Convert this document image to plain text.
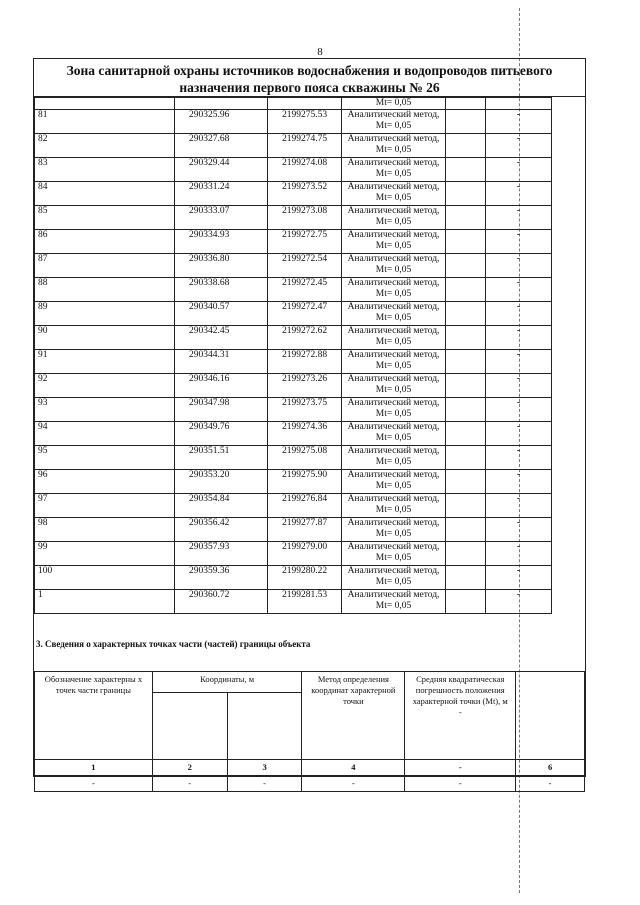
8
Зона санитарной охраны источников водоснабжения и водопроводов питьевого назначения первого пояса скважины № 26
			Mt= 0,05		
81	290325.96	2199275.53	Аналитический метод,
Mt= 0,05		-
82	290327.68	2199274.75	Аналитический метод,
Mt= 0,05		-
83	290329.44	2199274.08	Аналитический метод,
Mt= 0,05		-
84	290331.24	2199273.52	Аналитический метод,
Mt= 0,05		-
85	290333.07	2199273.08	Аналитический метод,
Mt= 0,05		-
86	290334.93	2199272.75	Аналитический метод,
Mt= 0,05		-
87	290336.80	2199272.54	Аналитический метод,
Mt= 0,05		-
88	290338.68	2199272.45	Аналитический метод,
Mt= 0,05		-
89	290340.57	2199272.47	Аналитический метод,
Mt= 0,05		-
90	290342.45	2199272.62	Аналитический метод,
Mt= 0,05		-
91	290344.31	2199272.88	Аналитический метод,
Mt= 0,05		-
92	290346.16	2199273.26	Аналитический метод,
Mt= 0,05		-
93	290347.98	2199273.75	Аналитический метод,
Mt= 0,05		-
94	290349.76	2199274.36	Аналитический метод,
Mt= 0,05		-
95	290351.51	2199275.08	Аналитический метод,
Mt= 0,05		-
96	290353.20	2199275.90	Аналитический метод,
Mt= 0,05		-
97	290354.84	2199276.84	Аналитический метод,
Mt= 0,05		-
98	290356.42	2199277.87	Аналитический метод,
Mt= 0,05		-
99	290357.93	2199279.00	Аналитический метод,
Mt= 0,05		-
100	290359.36	2199280.22	Аналитический метод,
Mt= 0,05		-
1	290360.72	2199281.53	Аналитический метод,
Mt= 0,05		-
3. Сведения о характерных точках части (частей) границы объекта
Обозначение характерны х точек части границы	Координаты, м		Метод определения координат характерной точки	Средняя квадратическая погрешность положения характерной точки (Mt), м
-	

1	2	3	4	-	6
-	-	-	-	-	-
